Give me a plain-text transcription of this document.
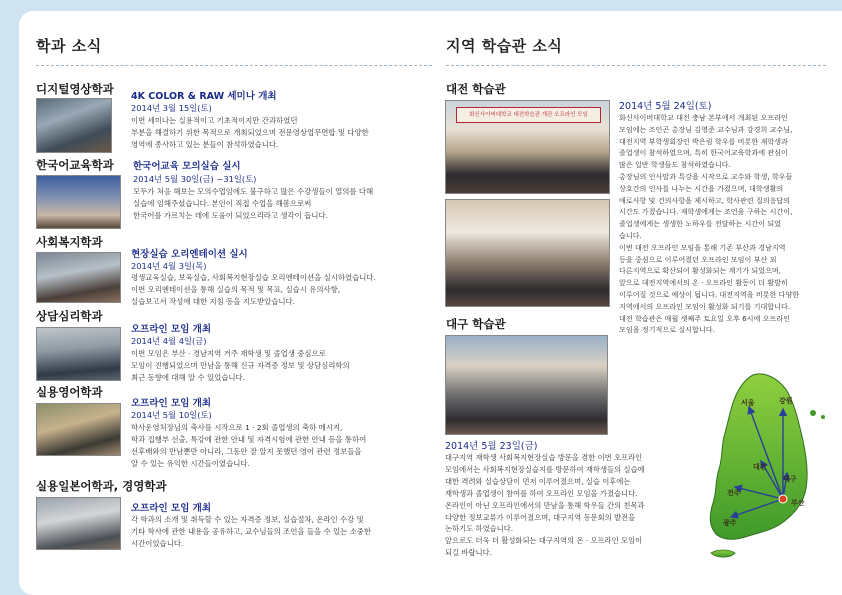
학과 소식
디지털영상학과
4K COLOR & RAW 세미나 개최
2014년 3월 15일(토)
이번 세미나는 실용적이고 기초적이지만 간과하였던
부분을 해결하기 위한 목적으로 개최되었으며 전문영상업무면합 및 다양한
영역에 종사하고 있는 분들이 참석하였습니다.
한국어교육학과 한국어교육 모의실습 실시
2014년 5월 30일(금) ~31일(토)
모두가 처음 해보는 모의수업임에도 불구하고 많은 수강생들이 열의를 다해
실습에 임해주셨습니다. 본인이 직접 수업을 해봄으로써
한국어를 가르치는 데에 도움이 되었으리라고 생각이 듭니다.
사회복지학과
현장실습 오리엔테이션 실시
2014년 4월 3일(목)
평생교육실습, 보육실습, 사회복지현장실습 오리엔테이션을 실시하였습니다.
이번 오리엔테이션을 통해 실습의 목적 및 목표, 실습시 유의사항,
실습보고서 작성에 대한 지침 등을 지도받았습니다.
상담심리학과
오프라인 모임 개최
2014년 4월 4일(금)
이번 모임은 부산 · 경남지역 거주 재학생 및 졸업생 중심으로
모임이 진행되었으며 만남을 통해 신규 자격증 정보 및 상담심리학의
최근 동향에 대해 알 수 있었습니다.
실용영어학과
오프라인 모임 개최
2014년 5월 10일(토)
학사운영처장님의 축사를 시작으로 1 · 2회 졸업생의 축하 메시지,
학과 집행부 선출, 특강에 관한 안내 및 자격시험에 관한 안내 등을 통하여
선후배와의 만남뿐만 아니라, 그동안 잘 알지 못했던 영어 관련 정보들을
알 수 있는 유익한 시간들이였습니다.
실용일본어학과, 경영학과
오프라인 모임 개최
각 학과의 소개 및 취득할 수 있는 자격증 정보, 실습절차, 온라인 수강 및
기타 학사에 관한 내용을 공유하고, 교수님들의 조언을 들을 수 있는 소중한
시간이었습니다.
지역 학습관 소식
대전 학습관
화신사이버대학교 대전학습관 개관 오프라인 모임
2014년 5월 24일(토)
화신사이버대학교 대전 충남 본부에서 개최된 오프라인
모임에는 조인곤 총장님 김영준 교수님과 강경희 교수님,
대전지역 부학생회장인 박은림 학우를 비롯한 재학생과
졸업생이 참석하였으며, 특히 한국어교육학과에 관심이
많은 일반 학생들도 참석하였습니다.
총장님의 인사말과 특강을 시작으로 교수와 학생, 학우들
상호간의 인사를 나누는 시간을 가졌으며, 대학생활의
애로사항 및 건의사항을 제시하고, 학사관련 질의응답의
시간도 가졌습니다. 재학생에게는 조언을 구하는 시간이,
졸업생에게는 생생한 노하우를 전달하는 시간이 되었
습니다.
이번 대전 오프라인 모임을 통해 기존 부산과 경남지역
등을 중심으로 이루어졌던 오프라인 모임이 부산 외
다른지역으로 확산되어 활성화되는 계기가 되었으며,
앞으로 대전지역에서의 온 · 오프라인 활동이 더 활발히
이루어질 것으로 예상이 됩니다. 대전지역을 비롯한 다양한
지역에서의 오프라인 모임이 활성화 되기를 기대합니다.
대전 학습관은 매월 셋째주 토요일 오후 6시에 오프라인
모임을 정기적으로 실시합니다.
대구 학습관
2014년 5월 23일(금)
대구지역 재학생 사회복지현장실습 방문을 겸한 이번 오프라인
모임에서는 사회복지현장실습지를 방문하여 재학생들의 실습에
대한 격려와 실습상담이 먼저 이루어졌으며, 실습 이후에는
재학생과 졸업생이 참여를 하여 오프라인 모임을 가졌습니다.
온라인이 아닌 오프라인에서의 만남을 통해 학우들 간의 친목과
다양한 정보교류가 이루어졌으며, 대구지역 동문회의 발전을
논하기도 하였습니다.
앞으로도 더욱 더 활성화되는 대구지역의 온 · 오프라인 모임이
되길 바랍니다.
서울	강원
대전
대구
전주
광주
부산
